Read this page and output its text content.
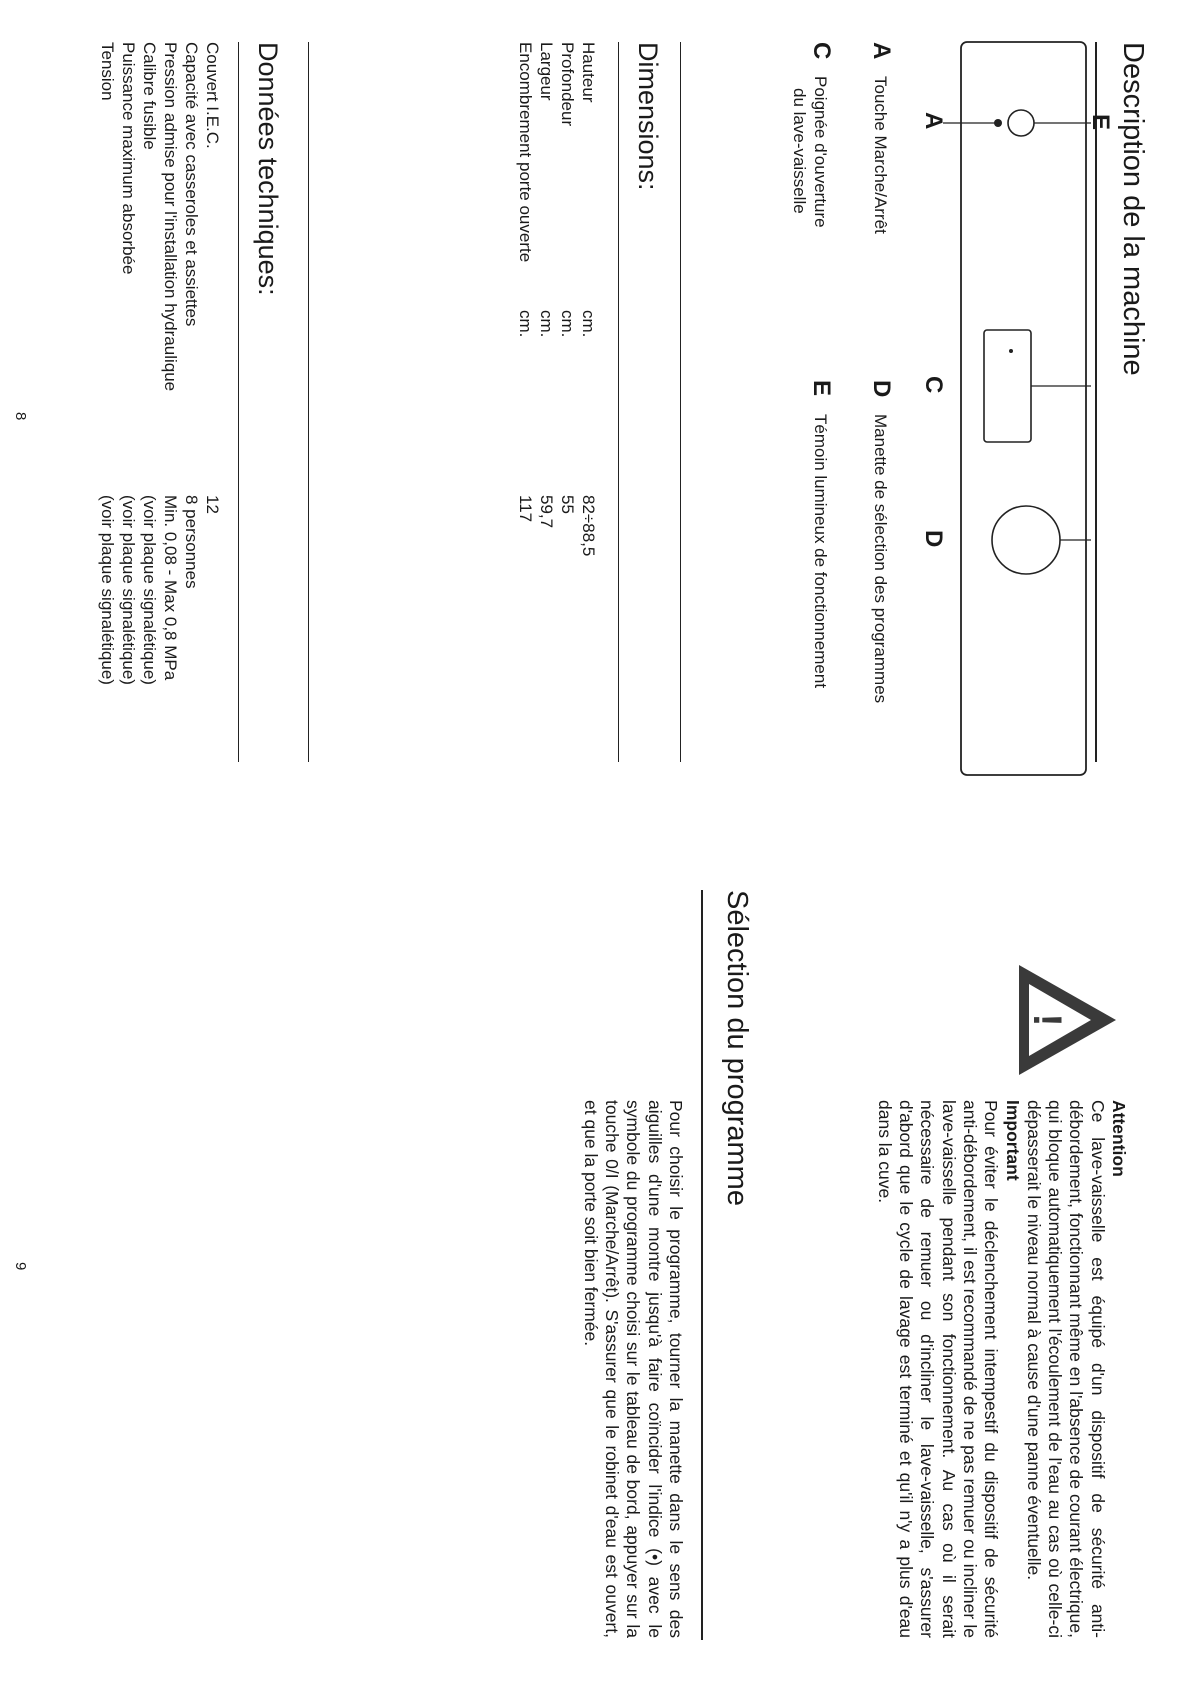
Description de la machine
E
Dimensions:
Données techniques:
!
A
C
D
A
Touche Marche/Arrêt
C
Poignée d'ouverture
du lave-vaisselle
D
Manette de sélection des programmes
E
Témoin lumineux de fonctionnement
Hauteur
cm.
82÷88,5
Profondeur
cm.
55
Largeur
cm.
59,7
Encombrement porte ouverte
cm.
117
Couvert I.E.C.
12
Capacité avec casseroles et assiettes
8 personnes
Pression admise pour l'installation hydraulique
Min. 0,08 - Max 0,8 MPa
Calibre fusible
(voir plaque signalétique)
Puissance maximum absorbée
(voir plaque signalétique)
Tension
(voir plaque signalétique)
8
Attention
Ce lave-vaisselle est équipé d'un dispositif de sécurité anti-débordement, fonctionnant même en l'absence de courant électrique, qui bloque automatiquement l'écoulement de l'eau au cas où celle-ci dépasserait le niveau normal à cause d'une panne éventuelle.
Important
Pour éviter le déclenchement intempestif du dispositif de sécurité anti-débordement, il est recommandé de ne pas remuer ou incliner le lave-vaisselle pendant son fonctionnement. Au cas où il serait nécessaire de remuer ou d'incliner le lave-vaisselle, s'assurer d'abord que le cycle de lavage est terminé et qu'il n'y a plus d'eau dans la cuve.
Sélection du programme
Pour choisir le programme, tourner la manette dans le sens des aiguilles d'une montre jusqu'à faire coïncider l'indice (•) avec le symbole du programme choisi sur le tableau de bord, appuyer sur la touche 0/I (Marche/Arrêt). S'assurer que le robinet d'eau est ouvert, et que la porte soit bien fermée.
9
